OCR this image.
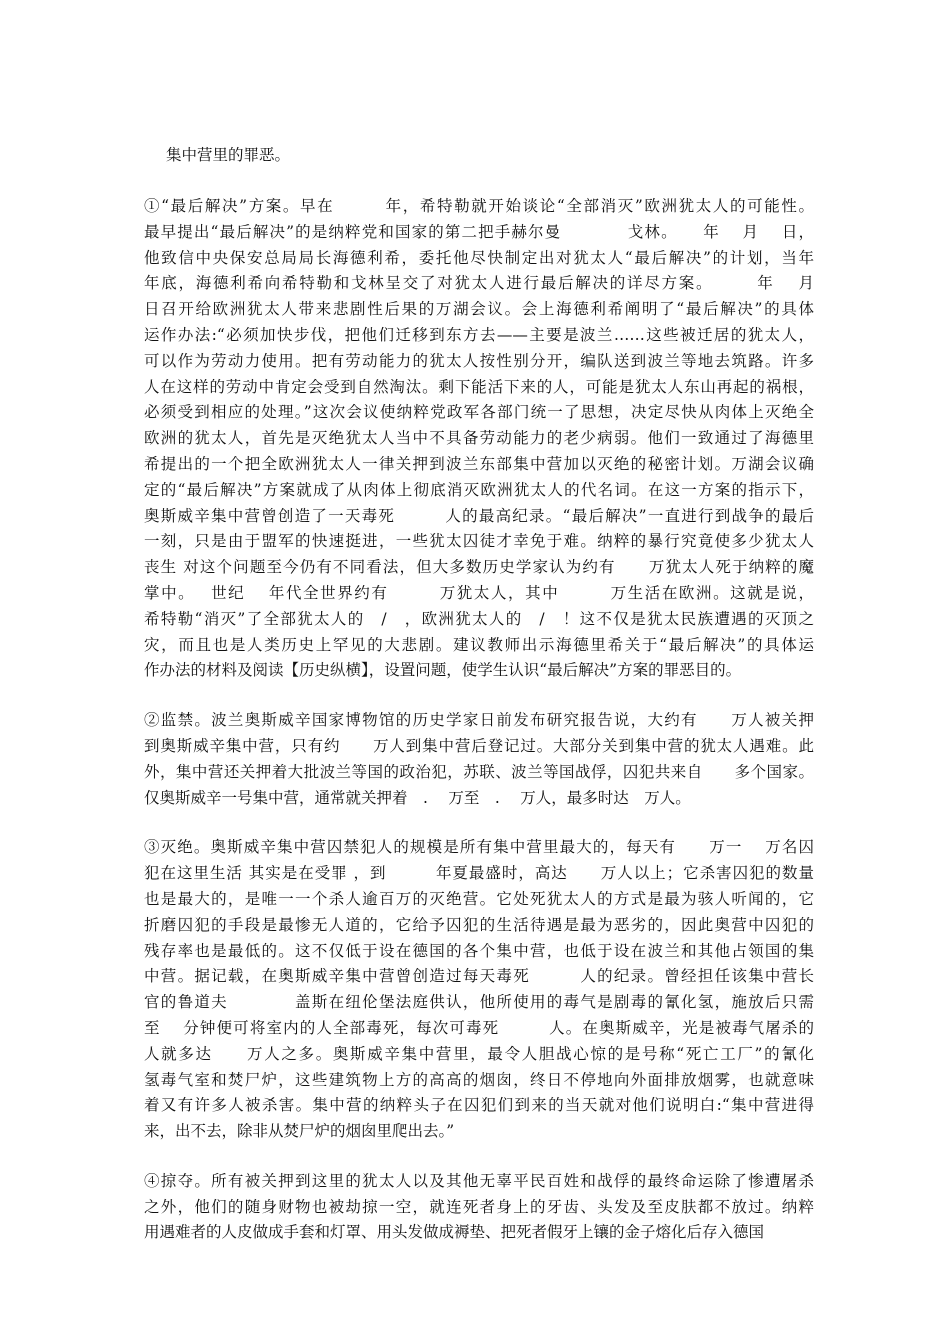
集中营里的罪恶。

①“最后解决”方案。早在　　　年，希特勒就开始谈论“全部消灭”欧洲犹太人的可能性。
最早提出“最后解决”的是纳粹党和国家的第二把手赫尔曼　　　　戈林。　　年　 月　 日，
他致信中央保安总局局长海德利希，委托他尽快制定出对犹太人“最后解决”的计划，当年
年底，海德利希向希特勒和戈林呈交了对犹太人进行最后解决的详尽方案。　　　年　 月
日召开给欧洲犹太人带来悲剧性后果的万湖会议。会上海德利希阐明了“最后解决”的具体
运作办法:“必须加快步伐，把他们迁移到东方去——主要是波兰……这些被迁居的犹太人，
可以作为劳动力使用。把有劳动能力的犹太人按性别分开，编队送到波兰等地去筑路。许多
人在这样的劳动中肯定会受到自然淘汰。剩下能活下来的人，可能是犹太人东山再起的祸根，
必须受到相应的处理。”这次会议使纳粹党政军各部门统一了思想，决定尽快从肉体上灭绝全
欧洲的犹太人，首先是灭绝犹太人当中不具备劳动能力的老少病弱。他们一致通过了海德里
希提出的一个把全欧洲犹太人一律关押到波兰东部集中营加以灭绝的秘密计划。万湖会议确
定的“最后解决”方案就成了从肉体上彻底消灭欧洲犹太人的代名词。在这一方案的指示下，
奥斯威辛集中营曾创造了一天毒死　　　人的最高纪录。“最后解决”一直进行到战争的最后
一刻，只是由于盟军的快速挺进，一些犹太囚徒才幸免于难。纳粹的暴行究竟使多少犹太人
丧生 对这个问题至今仍有不同看法，但大多数历史学家认为约有　　万犹太人死于纳粹的魔
掌中。　 世纪　 年代全世界约有　　　万犹太人，其中　　　万生活在欧洲。这就是说，
希特勒“消灭”了全部犹太人的　/　，欧洲犹太人的　/　！这不仅是犹太民族遭遇的灭顶之
灾，而且也是人类历史上罕见的大悲剧。建议教师出示海德里希关于“最后解决”的具体运
作办法的材料及阅读【历史纵横】，设置问题，使学生认识“最后解决”方案的罪恶目的。
②监禁。波兰奥斯威辛国家博物馆的历史学家日前发布研究报告说，大约有　　万人被关押
到奥斯威辛集中营，只有约　　万人到集中营后登记过。大部分关到集中营的犹太人遇难。此
外，集中营还关押着大批波兰等国的政治犯，苏联、波兰等国战俘，囚犯共来自　　多个国家。
仅奥斯威辛一号集中营，通常就关押着　.　 万至　.　 万人，最多时达　万人。
③灭绝。奥斯威辛集中营囚禁犯人的规模是所有集中营里最大的，每天有　　万一　 万名囚
犯在这里生活 其实是在受罪 ，到　　　年夏最盛时，高达　　万人以上；它杀害囚犯的数量
也是最大的，是唯一一个杀人逾百万的灭绝营。它处死犹太人的方式是最为骇人听闻的，它
折磨囚犯的手段是最惨无人道的，它给予囚犯的生活待遇是最为恶劣的，因此奥营中囚犯的
残存率也是最低的。这不仅低于设在德国的各个集中营，也低于设在波兰和其他占领国的集
中营。据记载，在奥斯威辛集中营曾创造过每天毒死　　　人的纪录。曾经担任该集中营长
官的鲁道夫　　　　盖斯在纽伦堡法庭供认，他所使用的毒气是剧毒的氰化氢，施放后只需
至　 分钟便可将室内的人全部毒死，每次可毒死　　　人。在奥斯威辛，光是被毒气屠杀的
人就多达　　万人之多。奥斯威辛集中营里，最令人胆战心惊的是号称“死亡工厂”的氰化
氢毒气室和焚尸炉，这些建筑物上方的高高的烟囱，终日不停地向外面排放烟雾，也就意味
着又有许多人被杀害。集中营的纳粹头子在囚犯们到来的当天就对他们说明白:“集中营进得
来，出不去，除非从焚尸炉的烟囱里爬出去。”
④掠夺。所有被关押到这里的犹太人以及其他无辜平民百姓和战俘的最终命运除了惨遭屠杀
之外，他们的随身财物也被劫掠一空，就连死者身上的牙齿、头发及至皮肤都不放过。纳粹
用遇难者的人皮做成手套和灯罩、用头发做成褥垫、把死者假牙上镶的金子熔化后存入德国
